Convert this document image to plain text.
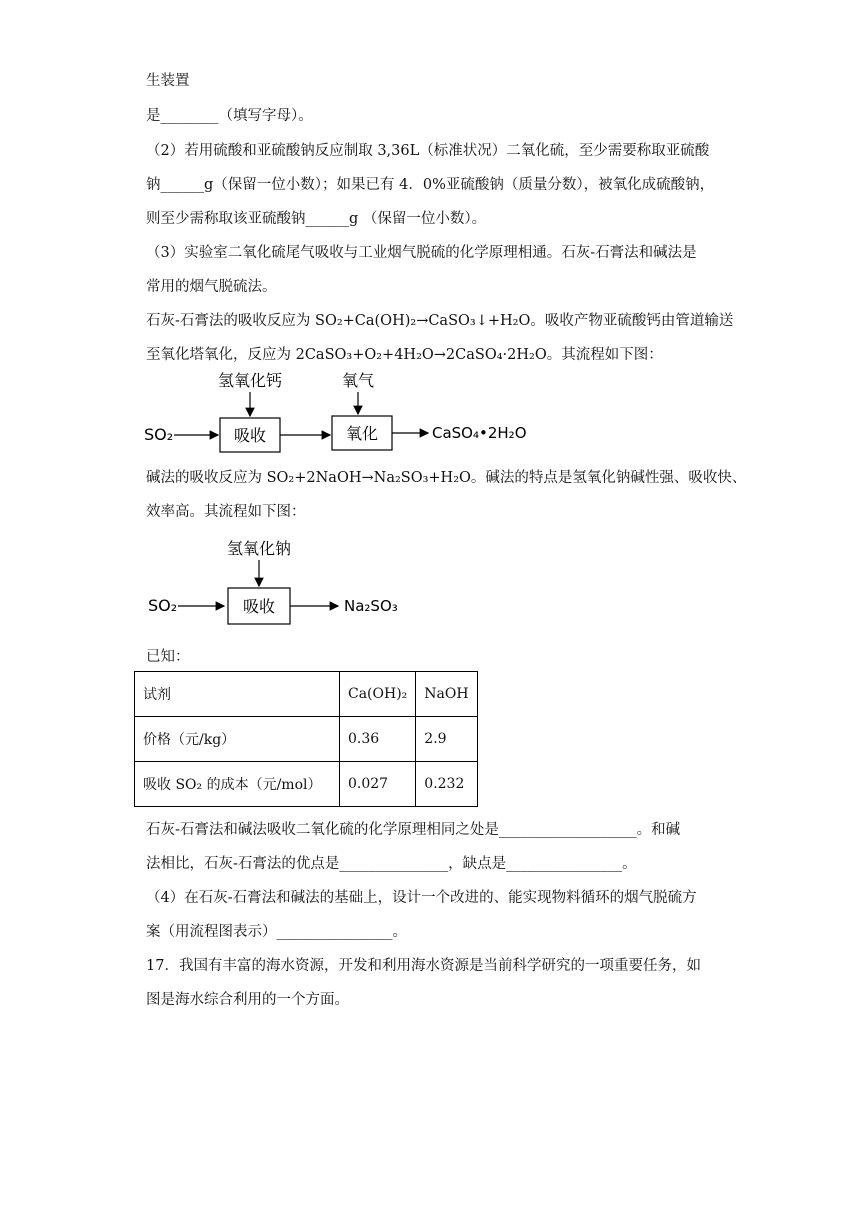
生装置
是________（填写字母）。
（2）若用硫酸和亚硫酸钠反应制取 3,36L（标准状况）二氧化硫，至少需要称取亚硫酸
钠______g（保留一位小数）；如果已有 4．0%亚硫酸钠（质量分数），被氧化成硫酸钠，
则至少需称取该亚硫酸钠______g （保留一位小数）。
（3）实验室二氧化硫尾气吸收与工业烟气脱硫的化学原理相通。石灰-石膏法和碱法是
常用的烟气脱硫法。
石灰-石膏法的吸收反应为 SO₂+Ca(OH)₂→CaSO₃↓+H₂O。吸收产物亚硫酸钙由管道输送
至氧化塔氧化，反应为 2CaSO₃+O₂+4H₂O→2CaSO₄·2H₂O。其流程如下图：
SO₂	吸收
氢氧化钙
氧化
氧气
CaSO₄•2H₂O
碱法的吸收反应为 SO₂+2NaOH→Na₂SO₃+H₂O。碱法的特点是氢氧化钠碱性强、吸收快、
效率高。其流程如下图：
SO₂	吸收
氢氧化钠
Na₂SO₃
已知：
试剂	Ca(OH)₂	NaOH
价格（元/kg）	0.36	2.9
吸收 SO₂ 的成本（元/mol）	0.027	0.232
石灰-石膏法和碱法吸收二氧化硫的化学原理相同之处是___________________。和碱
法相比，石灰-石膏法的优点是_______________，缺点是________________。
（4）在石灰-石膏法和碱法的基础上，设计一个改进的、能实现物料循环的烟气脱硫方
案（用流程图表示）________________。
17．我国有丰富的海水资源，开发和利用海水资源是当前科学研究的一项重要任务，如
图是海水综合利用的一个方面。
